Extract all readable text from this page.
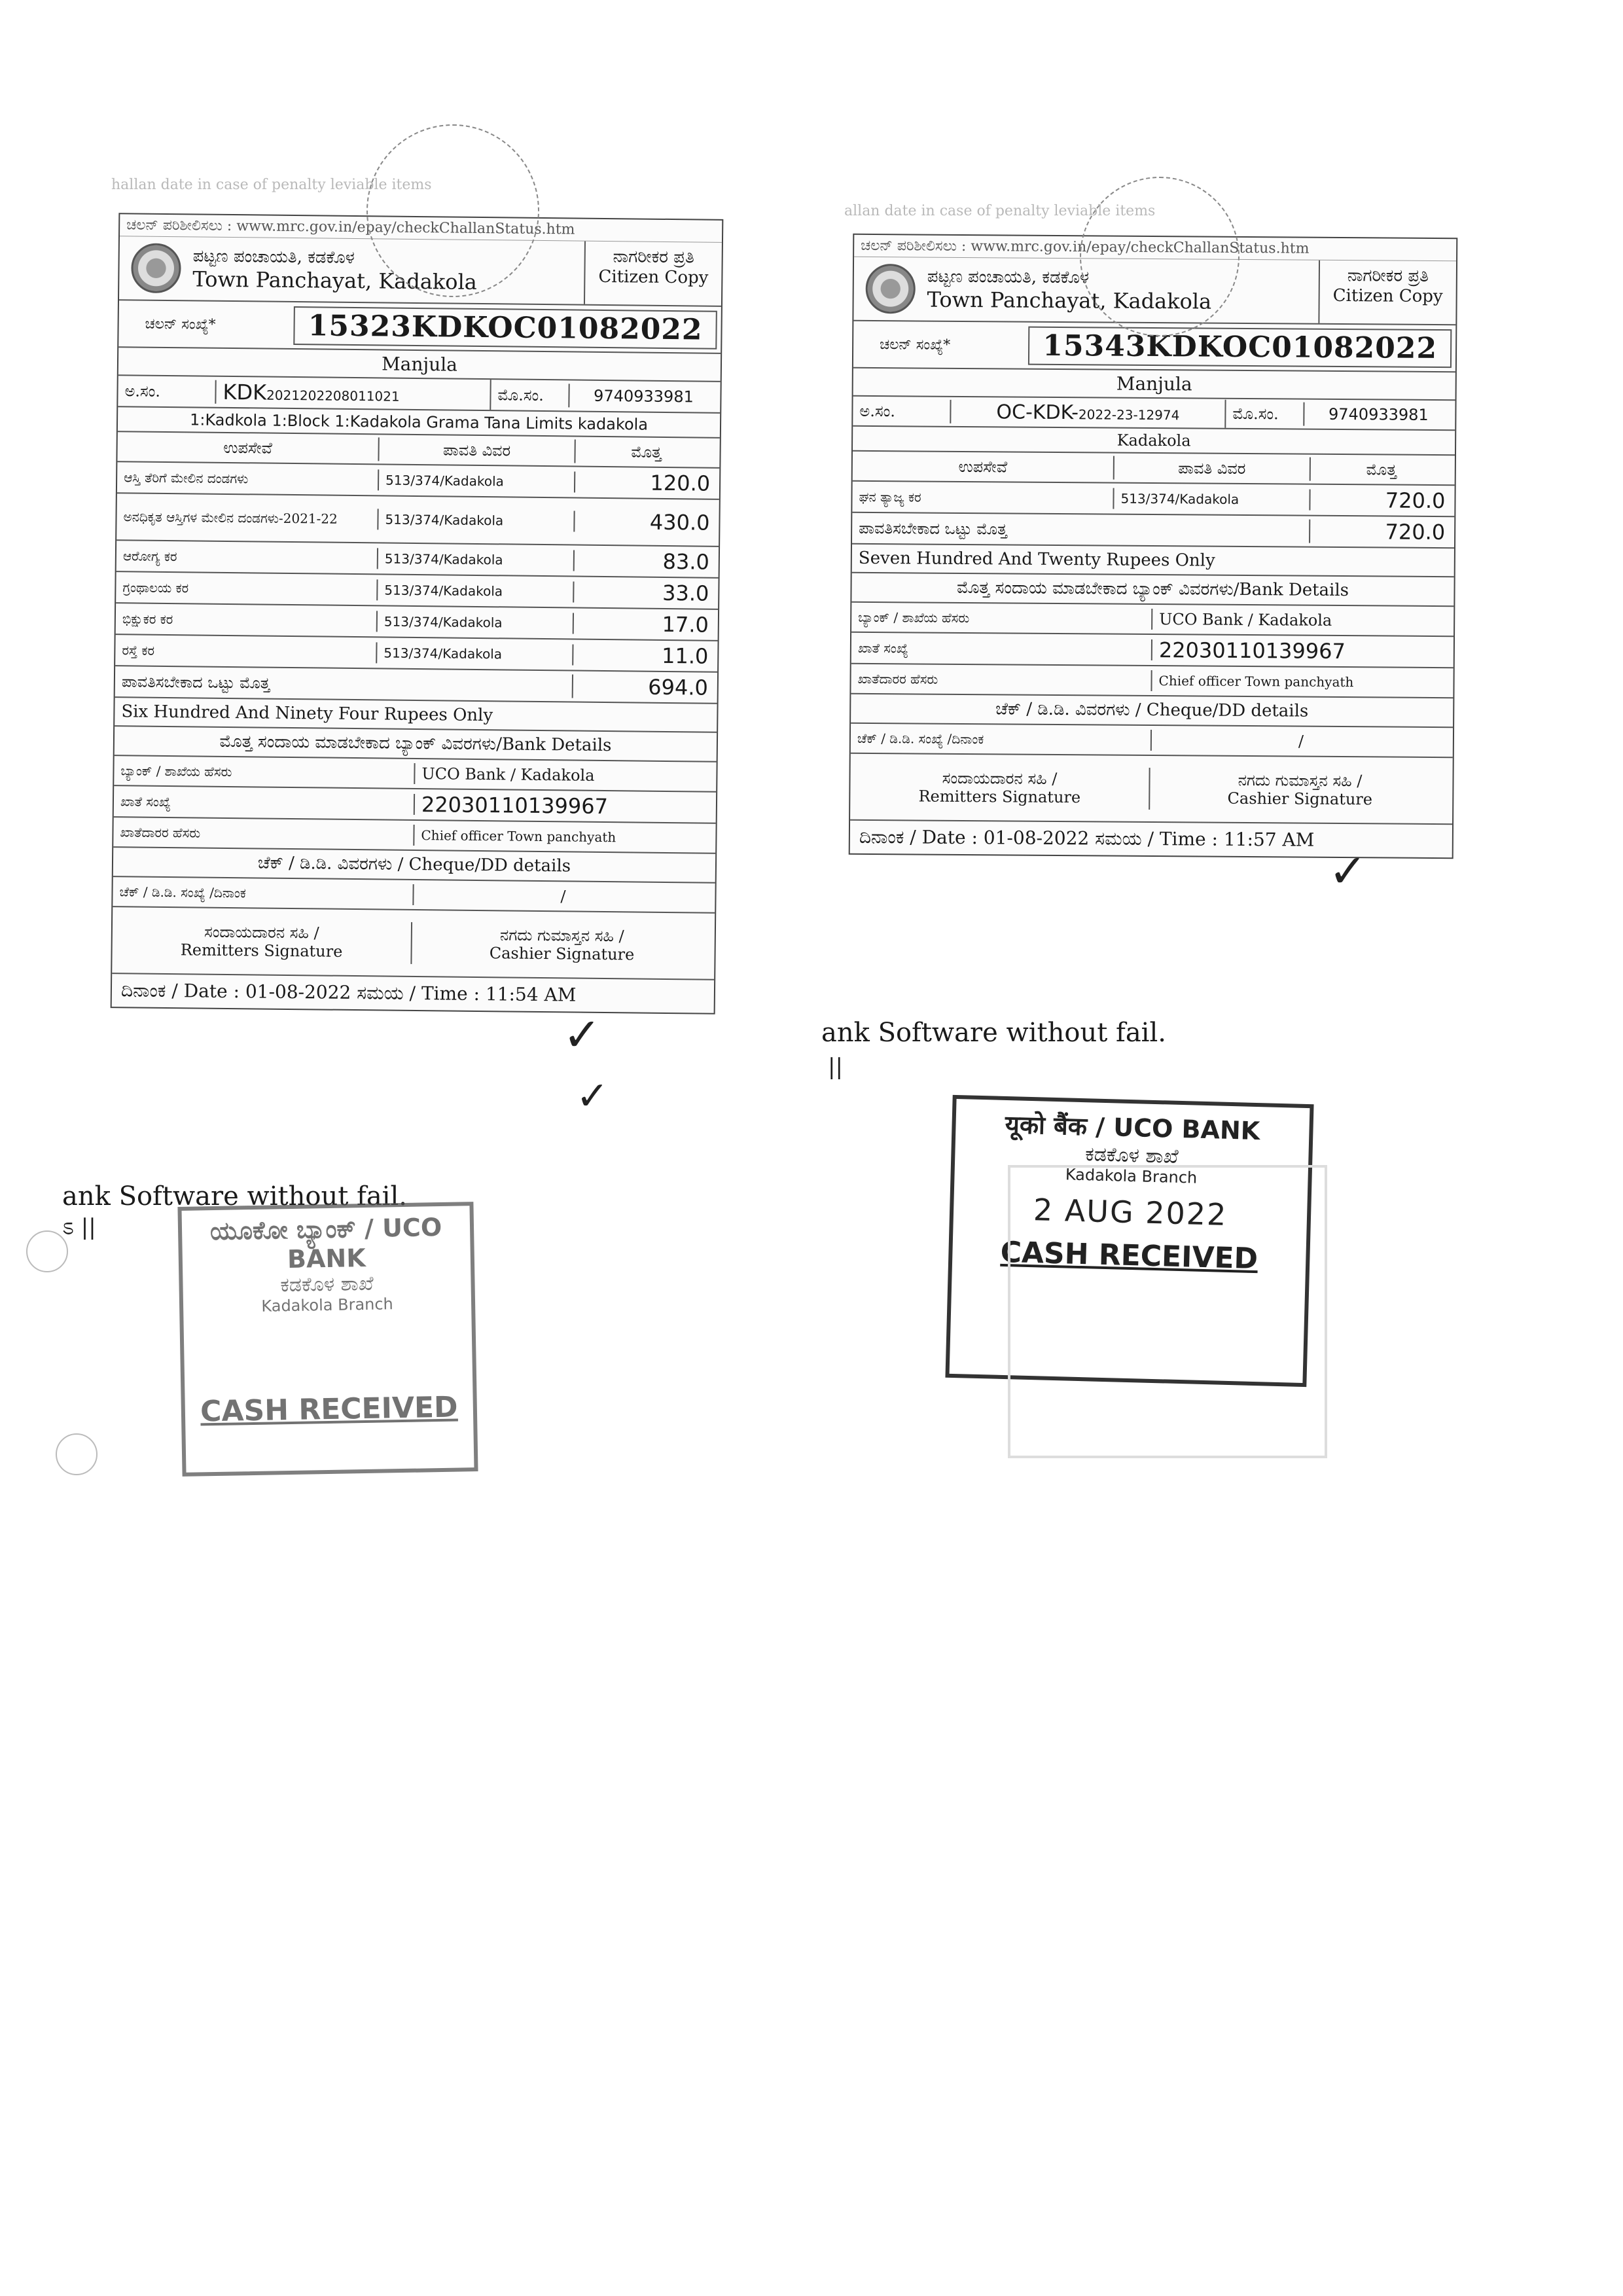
hallan date in case of penalty leviable items
ಚಲನ್ ಪರಿಶೀಲಿಸಲು : www.mrc.gov.in/epay/checkChallanStatus.htm
ಪಟ್ಟಣ ಪಂಚಾಯತಿ, ಕಡಕೊಳ
Town Panchayat, Kadakola
ನಾಗರೀಕರ ಪ್ರತಿ
Citizen Copy
ಚಲನ್ ಸಂಖ್ಯೆ*	15323KDKOC01082022
Manjula
ಅ.ಸಂ.	KDK2021202208011021	ಮೊ.ಸಂ.	9740933981
1:Kadkola 1:Block 1:Kadakola Grama Tana Limits kadakola
ಉಪಸೇವೆ	ಪಾವತಿ ವಿವರ	ಮೊತ್ತ
ಆಸ್ತಿ ತೆರಿಗೆ ಮೇಲಿನ ದಂಡಗಳು	513/374/Kadakola	120.0
ಅನಧಿಕೃತ ಆಸ್ತಿಗಳ ಮೇಲಿನ ದಂಡಗಳು-2021-22	513/374/Kadakola	430.0
ಆರೋಗ್ಯ ಕರ	513/374/Kadakola	83.0
ಗ್ರಂಥಾಲಯ ಕರ	513/374/Kadakola	33.0
ಭಿಕ್ಷುಕರ ಕರ	513/374/Kadakola	17.0
ರಸ್ತೆ ಕರ	513/374/Kadakola	11.0
ಪಾವತಿಸಬೇಕಾದ ಒಟ್ಟು ಮೊತ್ತ	694.0
Six Hundred And Ninety Four Rupees Only
ಮೊತ್ತ ಸಂದಾಯ ಮಾಡಬೇಕಾದ ಬ್ಯಾಂಕ್ ವಿವರಗಳು/Bank Details
ಬ್ಯಾಂಕ್ / ಶಾಖೆಯ ಹೆಸರು	UCO Bank / Kadakola
ಖಾತೆ ಸಂಖ್ಯೆ	22030110139967
ಖಾತೆದಾರರ ಹೆಸರು	Chief officer Town panchyath
ಚೆಕ್ / ಡಿ.ಡಿ. ವಿವರಗಳು / Cheque/DD details
ಚೆಕ್ / ಡಿ.ಡಿ. ಸಂಖ್ಯೆ /ದಿನಾಂಕ	/
ಸಂದಾಯದಾರನ ಸಹಿ /
Remitters Signature
ನಗದು ಗುಮಾಸ್ತನ ಸಹಿ /
Cashier Signature
ದಿನಾಂಕ / Date : 01-08-2022 ಸಮಯ / Time : 11:54 AM
ank Software without fail.
ಽ ||
allan date in case of penalty leviable items
ಚಲನ್ ಪರಿಶೀಲಿಸಲು : www.mrc.gov.in/epay/checkChallanStatus.htm
ಪಟ್ಟಣ ಪಂಚಾಯತಿ, ಕಡಕೊಳ
Town Panchayat, Kadakola
ನಾಗರೀಕರ ಪ್ರತಿ
Citizen Copy
ಚಲನ್ ಸಂಖ್ಯೆ*	15343KDKOC01082022
Manjula
ಅ.ಸಂ.	OC-KDK-2022-23-12974	ಮೊ.ಸಂ.	9740933981
Kadakola
ಉಪಸೇವೆ	ಪಾವತಿ ವಿವರ	ಮೊತ್ತ
ಘನ ತ್ಯಾಜ್ಯ ಕರ	513/374/Kadakola	720.0
ಪಾವತಿಸಬೇಕಾದ ಒಟ್ಟು ಮೊತ್ತ	720.0
Seven Hundred And Twenty Rupees Only
ಮೊತ್ತ ಸಂದಾಯ ಮಾಡಬೇಕಾದ ಬ್ಯಾಂಕ್ ವಿವರಗಳು/Bank Details
ಬ್ಯಾಂಕ್ / ಶಾಖೆಯ ಹೆಸರು	UCO Bank / Kadakola
ಖಾತೆ ಸಂಖ್ಯೆ	22030110139967
ಖಾತೆದಾರರ ಹೆಸರು	Chief officer Town panchyath
ಚೆಕ್ / ಡಿ.ಡಿ. ವಿವರಗಳು / Cheque/DD details
ಚೆಕ್ / ಡಿ.ಡಿ. ಸಂಖ್ಯೆ /ದಿನಾಂಕ	/
ಸಂದಾಯದಾರನ ಸಹಿ /
Remitters Signature
ನಗದು ಗುಮಾಸ್ತನ ಸಹಿ /
Cashier Signature
ದಿನಾಂಕ / Date : 01-08-2022 ಸಮಯ / Time : 11:57 AM
ank Software without fail.
||
✓
✓
✓
ಯೂಕೋ ಬ್ಯಾಂಕ್ / UCO BANK
ಕಡಕೊಳ ಶಾಖೆ
Kadakola Branch
CASH RECEIVED
यूको बैंक / UCO BANK
ಕಡಕೊಳ ಶಾಖೆ
Kadakola Branch
2 AUG 2022
CASH RECEIVED
